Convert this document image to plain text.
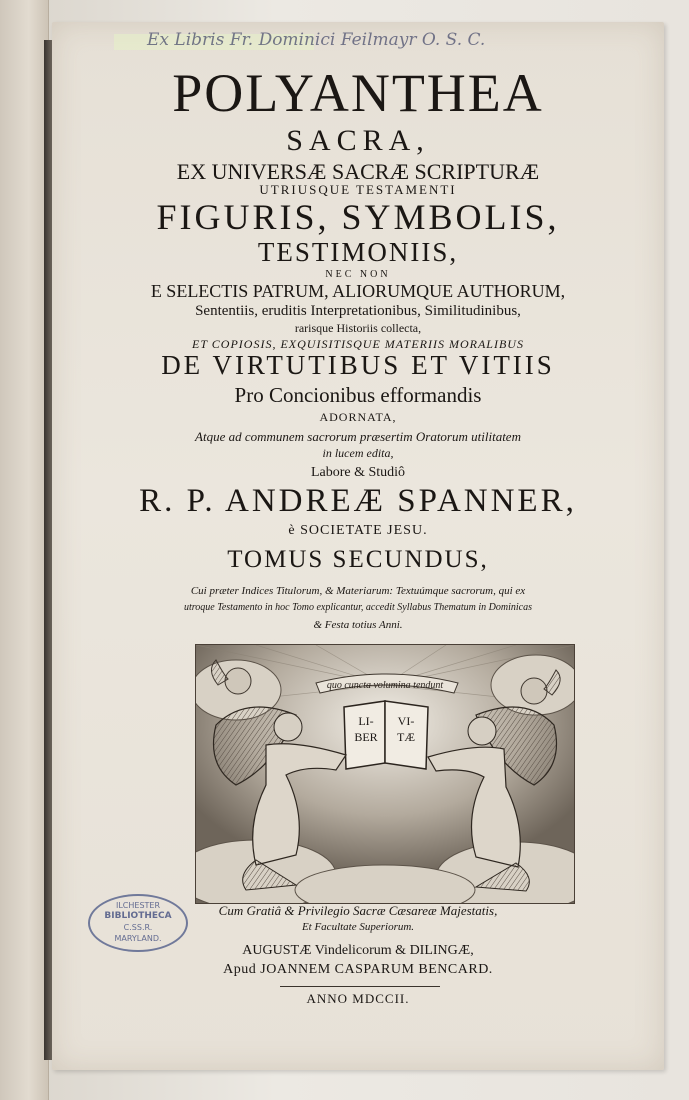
Ex Libris Fr. Dominici Feilmayr O. S. C.
POLYANTHEA
SACRA,
EX UNIVERSÆ SACRÆ SCRIPTURÆ
UTRIUSQUE TESTAMENTI
FIGURIS, SYMBOLIS,
TESTIMONIIS,
NEC NON
E SELECTIS PATRUM, ALIORUMQUE AUTHORUM,
Sententiis, eruditis Interpretationibus, Similitudinibus,
rarisque Historiis collecta,
ET COPIOSIS, EXQUISITISQUE MATERIIS MORALIBUS
DE VIRTUTIBUS ET VITIIS
Pro Concionibus efformandis
ADORNATA,
Atque ad communem sacrorum præsertim Oratorum utilitatem
in lucem edita,
Labore & Studiô
R. P. ANDREÆ SPANNER,
è SOCIETATE JESU.
TOMUS SECUNDUS,
Cui præter Indices Titulorum, & Materiarum: Textuúmque sacrorum, qui ex
utroque Testamento in hoc Tomo explicantur, accedit Syllabus Thematum in Dominicas
& Festa totius Anni.
quo cuncta volumina tendunt
LI-BER
VI-TÆ
Cum Gratiâ & Privilegio Sacræ Cæsareæ Majestatis,
Et Facultate Superiorum.
AUGUSTÆ Vindelicorum & DILINGÆ,
Apud JOANNEM CASPARUM BENCARD.
ANNO MDCCII.
ILCHESTER
BIBLIOTHECA
C.SS.R.
MARYLAND.
